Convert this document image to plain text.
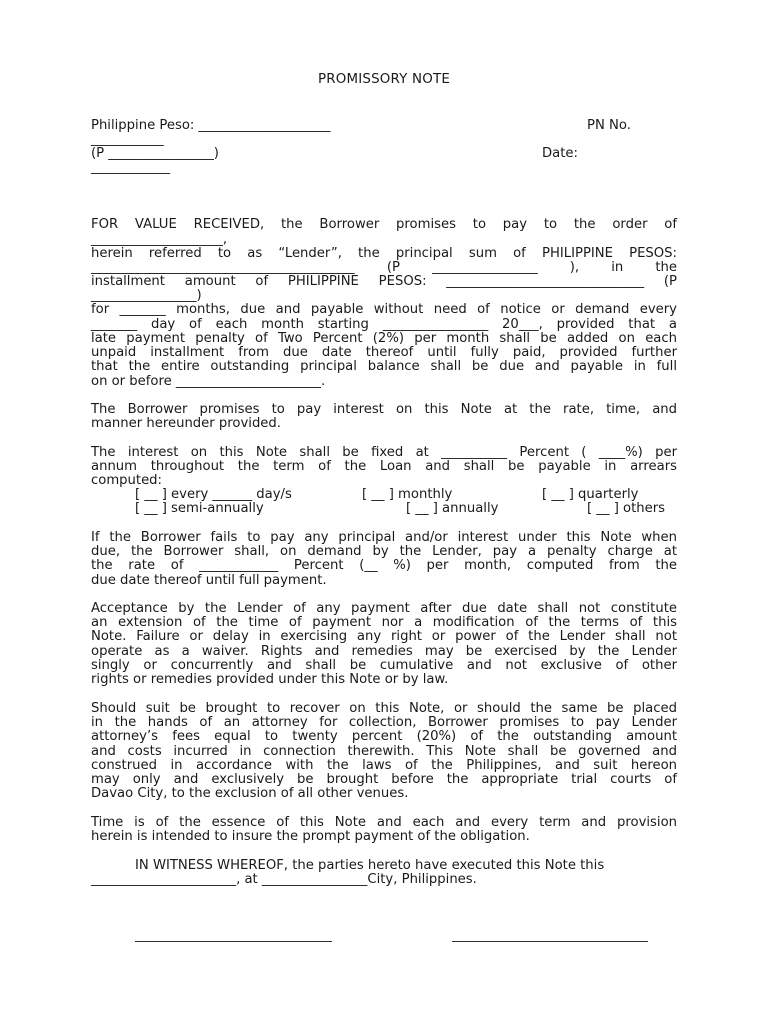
PROMISSORY NOTE
Philippine Peso: ____________________	PN No.
___________
(P ________________)	Date:
____________
FOR VALUE RECEIVED, the Borrower promises to pay to the order of
____________________,
herein referred to as “Lender”, the principal sum of PHILIPPINE PESOS:
________________________________________ (P ________________ ), in the
installment amount of PHILIPPINE PESOS: ______________________________ (P
________________)
for _______ months, due and payable without need of notice or demand every
_______ day of each month starting ________________ 20___, provided that a
late payment penalty of Two Percent (2%) per month shall be added on each
unpaid installment from due date thereof until fully paid, provided further
that the entire outstanding principal balance shall be due and payable in full
on or before ______________________.
The Borrower promises to pay interest on this Note at the rate, time, and
manner hereunder provided.
The interest on this Note shall be fixed at __________ Percent ( ____%) per
annum throughout the term of the Loan and shall be payable in arrears
computed:
[ __ ] every ______ day/s	[ __ ] monthly	[ __ ] quarterly
[ __ ] semi-annually	[ __ ] annually	[ __ ] others
If the Borrower fails to pay any principal and/or interest under this Note when
due, the Borrower shall, on demand by the Lender, pay a penalty charge at
the rate of ____________ Percent (__ %) per month, computed from the
due date thereof until full payment.
Acceptance by the Lender of any payment after due date shall not constitute
an extension of the time of payment nor a modification of the terms of this
Note. Failure or delay in exercising any right or power of the Lender shall not
operate as a waiver. Rights and remedies may be exercised by the Lender
singly or concurrently and shall be cumulative and not exclusive of other
rights or remedies provided under this Note or by law.
Should suit be brought to recover on this Note, or should the same be placed
in the hands of an attorney for collection, Borrower promises to pay Lender
attorney’s fees equal to twenty percent (20%) of the outstanding amount
and costs incurred in connection therewith. This Note shall be governed and
construed in accordance with the laws of the Philippines, and suit hereon
may only and exclusively be brought before the appropriate trial courts of
Davao City, to the exclusion of all other venues.
Time is of the essence of this Note and each and every term and provision
herein is intended to insure the prompt payment of the obligation.
IN WITNESS WHEREOF, the parties hereto have executed this Note this
______________________, at ________________City, Philippines.
